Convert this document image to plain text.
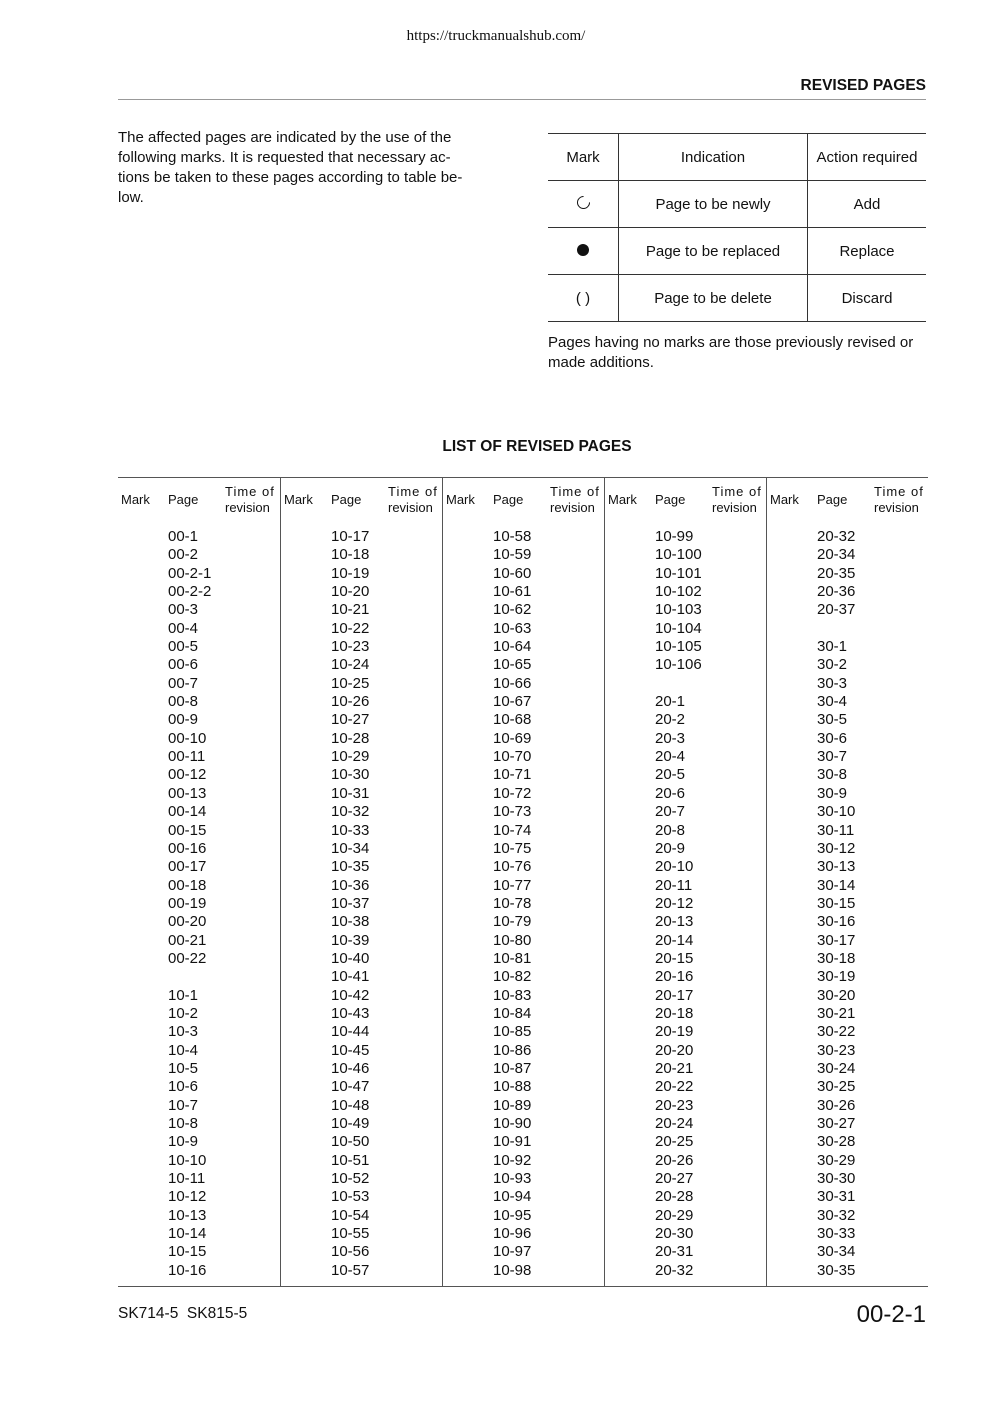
https://truckmanualshub.com/
REVISED PAGES
The affected pages are indicated by the use of the
following marks. It is requested that necessary ac-
tions be taken to these pages according to table be-
low.
Mark	Indication	Action required
	Page to be newly	Add
	Page to be replaced	Replace
( )	Page to be delete	Discard
Pages having no marks are those previously revised or
made additions.
LIST OF REVISED PAGES
Mark Page
Time of
revision
00-1
00-2
00-2-1
00-2-2
00-3
00-4
00-5
00-6
00-7
00-8
00-9
00-10
00-11
00-12
00-13
00-14
00-15
00-16
00-17
00-18
00-19
00-20
00-21
00-22
10-1
10-2
10-3
10-4
10-5
10-6
10-7
10-8
10-9
10-10
10-11
10-12
10-13
10-14
10-15
10-16
Mark Page
Time of
revision
10-17
10-18
10-19
10-20
10-21
10-22
10-23
10-24
10-25
10-26
10-27
10-28
10-29
10-30
10-31
10-32
10-33
10-34
10-35
10-36
10-37
10-38
10-39
10-40
10-41
10-42
10-43
10-44
10-45
10-46
10-47
10-48
10-49
10-50
10-51
10-52
10-53
10-54
10-55
10-56
10-57
Mark Page
Time of
revision
10-58
10-59
10-60
10-61
10-62
10-63
10-64
10-65
10-66
10-67
10-68
10-69
10-70
10-71
10-72
10-73
10-74
10-75
10-76
10-77
10-78
10-79
10-80
10-81
10-82
10-83
10-84
10-85
10-86
10-87
10-88
10-89
10-90
10-91
10-92
10-93
10-94
10-95
10-96
10-97
10-98
Mark Page
Time of
revision
10-99
10-100
10-101
10-102
10-103
10-104
10-105
10-106
20-1
20-2
20-3
20-4
20-5
20-6
20-7
20-8
20-9
20-10
20-11
20-12
20-13
20-14
20-15
20-16
20-17
20-18
20-19
20-20
20-21
20-22
20-23
20-24
20-25
20-26
20-27
20-28
20-29
20-30
20-31
20-32
Mark Page
Time of
revision
20-32
20-34
20-35
20-36
20-37
30-1
30-2
30-3
30-4
30-5
30-6
30-7
30-8
30-9
30-10
30-11
30-12
30-13
30-14
30-15
30-16
30-17
30-18
30-19
30-20
30-21
30-22
30-23
30-24
30-25
30-26
30-27
30-28
30-29
30-30
30-31
30-32
30-33
30-34
30-35
SK714-5  SK815-5	00-2-1
